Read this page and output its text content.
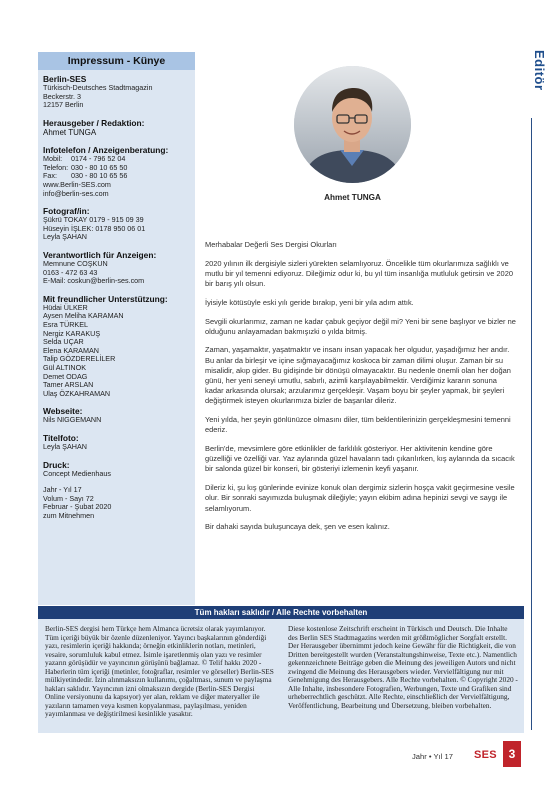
Impressum - Künye
Berlin-SES
Türkisch-Deutsches Stadtmagazin
Beckerstr. 3
12157 Berlin
Herausgeber / Redaktion:
Ahmet TUNGA
Infotelefon / Anzeigenberatung:
Mobil:	0174 - 796 52 04
Telefon: 030 - 80 10 65 50
Fax:	030 - 80 10 65 56
www.Berlin-SES.com
info@berlin-ses.com
Fotograf/in:
Şükrü TOKAY 0179 - 915 09 39
Hüseyin İŞLEK: 0178 950 06 01
Leyla ŞAHAN
Verantwortlich für Anzeigen:
Memnune COŞKUN
0163 - 472 63 43
E-Mail: coskun@berlin-ses.com
Mit freundlicher Unterstützung:
Hüdai ÜLKER
Aysen Meliha KARAMAN
Esra TÜRKEL
Nergiz KARAKUŞ
Selda UÇAR
Elena KARAMAN
Talip GÖZDERELİLER
Gül ALTINOK
Demet ODAG
Tamer ARSLAN
Ulaş ÖZKAHRAMAN
Webseite:
Nils NIGGEMANN
Titelfoto:
Leyla ŞAHAN
Druck:
Concept Medienhaus
Jahr - Yıl 17
Volum - Sayı 72
Februar - Şubat 2020
zum Mitnehmen
Editör
Ahmet TUNGA

Merhabalar Değerli Ses Dergisi Okurları

2020 yılının ilk dergisiyle sizleri yürekten selamlıyoruz. Öncelikle tüm okurlarımıza sağlıklı ve mutlu bir yıl temenni ediyoruz. Dileğimiz odur ki, bu yıl tüm insanlığa mutluluk getirsin ve 2020 bir barış yılı olsun.

İyisiyle kötüsüyle eski yılı geride bırakıp, yeni bir yıla adım attık.

Sevgili okurlarımız, zaman ne kadar çabuk geçiyor değil mi? Yeni bir sene başlıyor ve bizler ne olduğunu anlayamadan bakmışızki o yılda bitmiş.

Zaman, yaşamaktır, yaşatmaktır ve insanı insan yapacak her olgudur, yaşadığımız her andır. Bu anlar da birleşir ve içine sığmayacağımız koskoca bir zaman dilimi oluşur. Zaman bir su misalidir, akıp gider. Bu gidişinde bir dönüşü olmayacaktır. Bu nedenle önemli olan her doğan günü, her yeni seneyi umutlu, sabırlı, azimli karşılayabilmektir. Verdiğimiz kararın sonuna kadar arkasında olursak; arzularımız gerçekleşir. Vaşam boyu bir şeyler yapmak, bir şeyleri değiştirmek isteyen okurlarımıza bizler de başarılar dileriz.

Yeni yılda, her şeyin gönlünüzce olmasını diler, tüm beklentilerinizin gerçekleşmesini temenni ederiz.

Berlin'de, mevsimlere göre etkinlikler de farklılık gösteriyor. Her aktivitenin kendine göre güzelliği ve özelliği var. Yaz aylarında güzel havaların tadı çıkarılırken, kış aylarında da sıcacık bir salonda güzel bir konseri, bir gösteriyi izlemenin keyfi yaşanır.

Dileriz ki, şu kış günlerinde evinize konuk olan dergimiz sizlerin hoşça vakit geçirmesine vesile olur. Bir sonraki sayımızda buluşmak dileğiyle; yayın ekibim adına hepinizi sevgi ve saygı ile selamlıyorum.

Bir dahaki sayıda buluşuncaya dek, şen ve esen kalınız.

Tüm hakları saklıdır / Alle Rechte vorbehalten
Berlin-SES dergisi hem Türkçe hem Almanca ücretsiz olarak yayımlanıyor. Tüm içeriği büyük bir özenle düzenleniyor. Yayıncı başkalarının gönderdiği yazı, resimlerin içeriği hakkında; örneğin etkinliklerin notları, metinleri, vesaire, sorumluluk kabul etmez. İsimle işaretlenmiş olan yazı ve resimler yazarın görüşüdür ve yayıncının görüşünü bağlamaz. © Telif hakkı 2020 - Haberlerin tüm içeriği (metinler, fotoğraflar, resimler ve görseller) Berlin-SES mülkiyetindedir. İzin alınmaksızın kullanımı, çoğaltması, sunum ve paylaşma hakları saklıdır. Yayıncının izni olmaksızın dergide (Berlin-SES Dergisi Online versiyonunu da kapsıyor) yer alan, reklam ve diğer materyaller ile yazıların tamamen veya kısmen kopyalanması, paylaşılması, yeniden yayımlanması ve değiştirilmesi kesinlikle yasaktır.
Diese kostenlose Zeitschrift erscheint in Türkisch und Deutsch. Die Inhalte des Berlin SES Stadtmagazins werden mit größtmöglicher Sorgfalt erstellt. Der Herausgeber übernimmt jedoch keine Gewähr für die Richtigkeit, die von Dritten bereitgestellt wurden (Veranstaltungshinweise, Texte etc.). Namentlich gekennzeichnete Beiträge geben die Meinung des jeweiligen Autors und nicht zwingend die Meinung des Herausgebers wieder. Vervielfältigung nur mit Genehmigung des Herausgebers. Alle Rechte vorbehalten. © Copyright 2020 - Alle Inhalte, insbesondere Fotografien, Werbungen, Texte und Grafiken sind urheberrechtlich geschützt. Alle Rechte, einschließlich der Vervielfältigung, Veröffentlichung, Bearbeitung und Übersetzung, bleiben vorbehalten.
Jahr • Yıl 17 SES 3
